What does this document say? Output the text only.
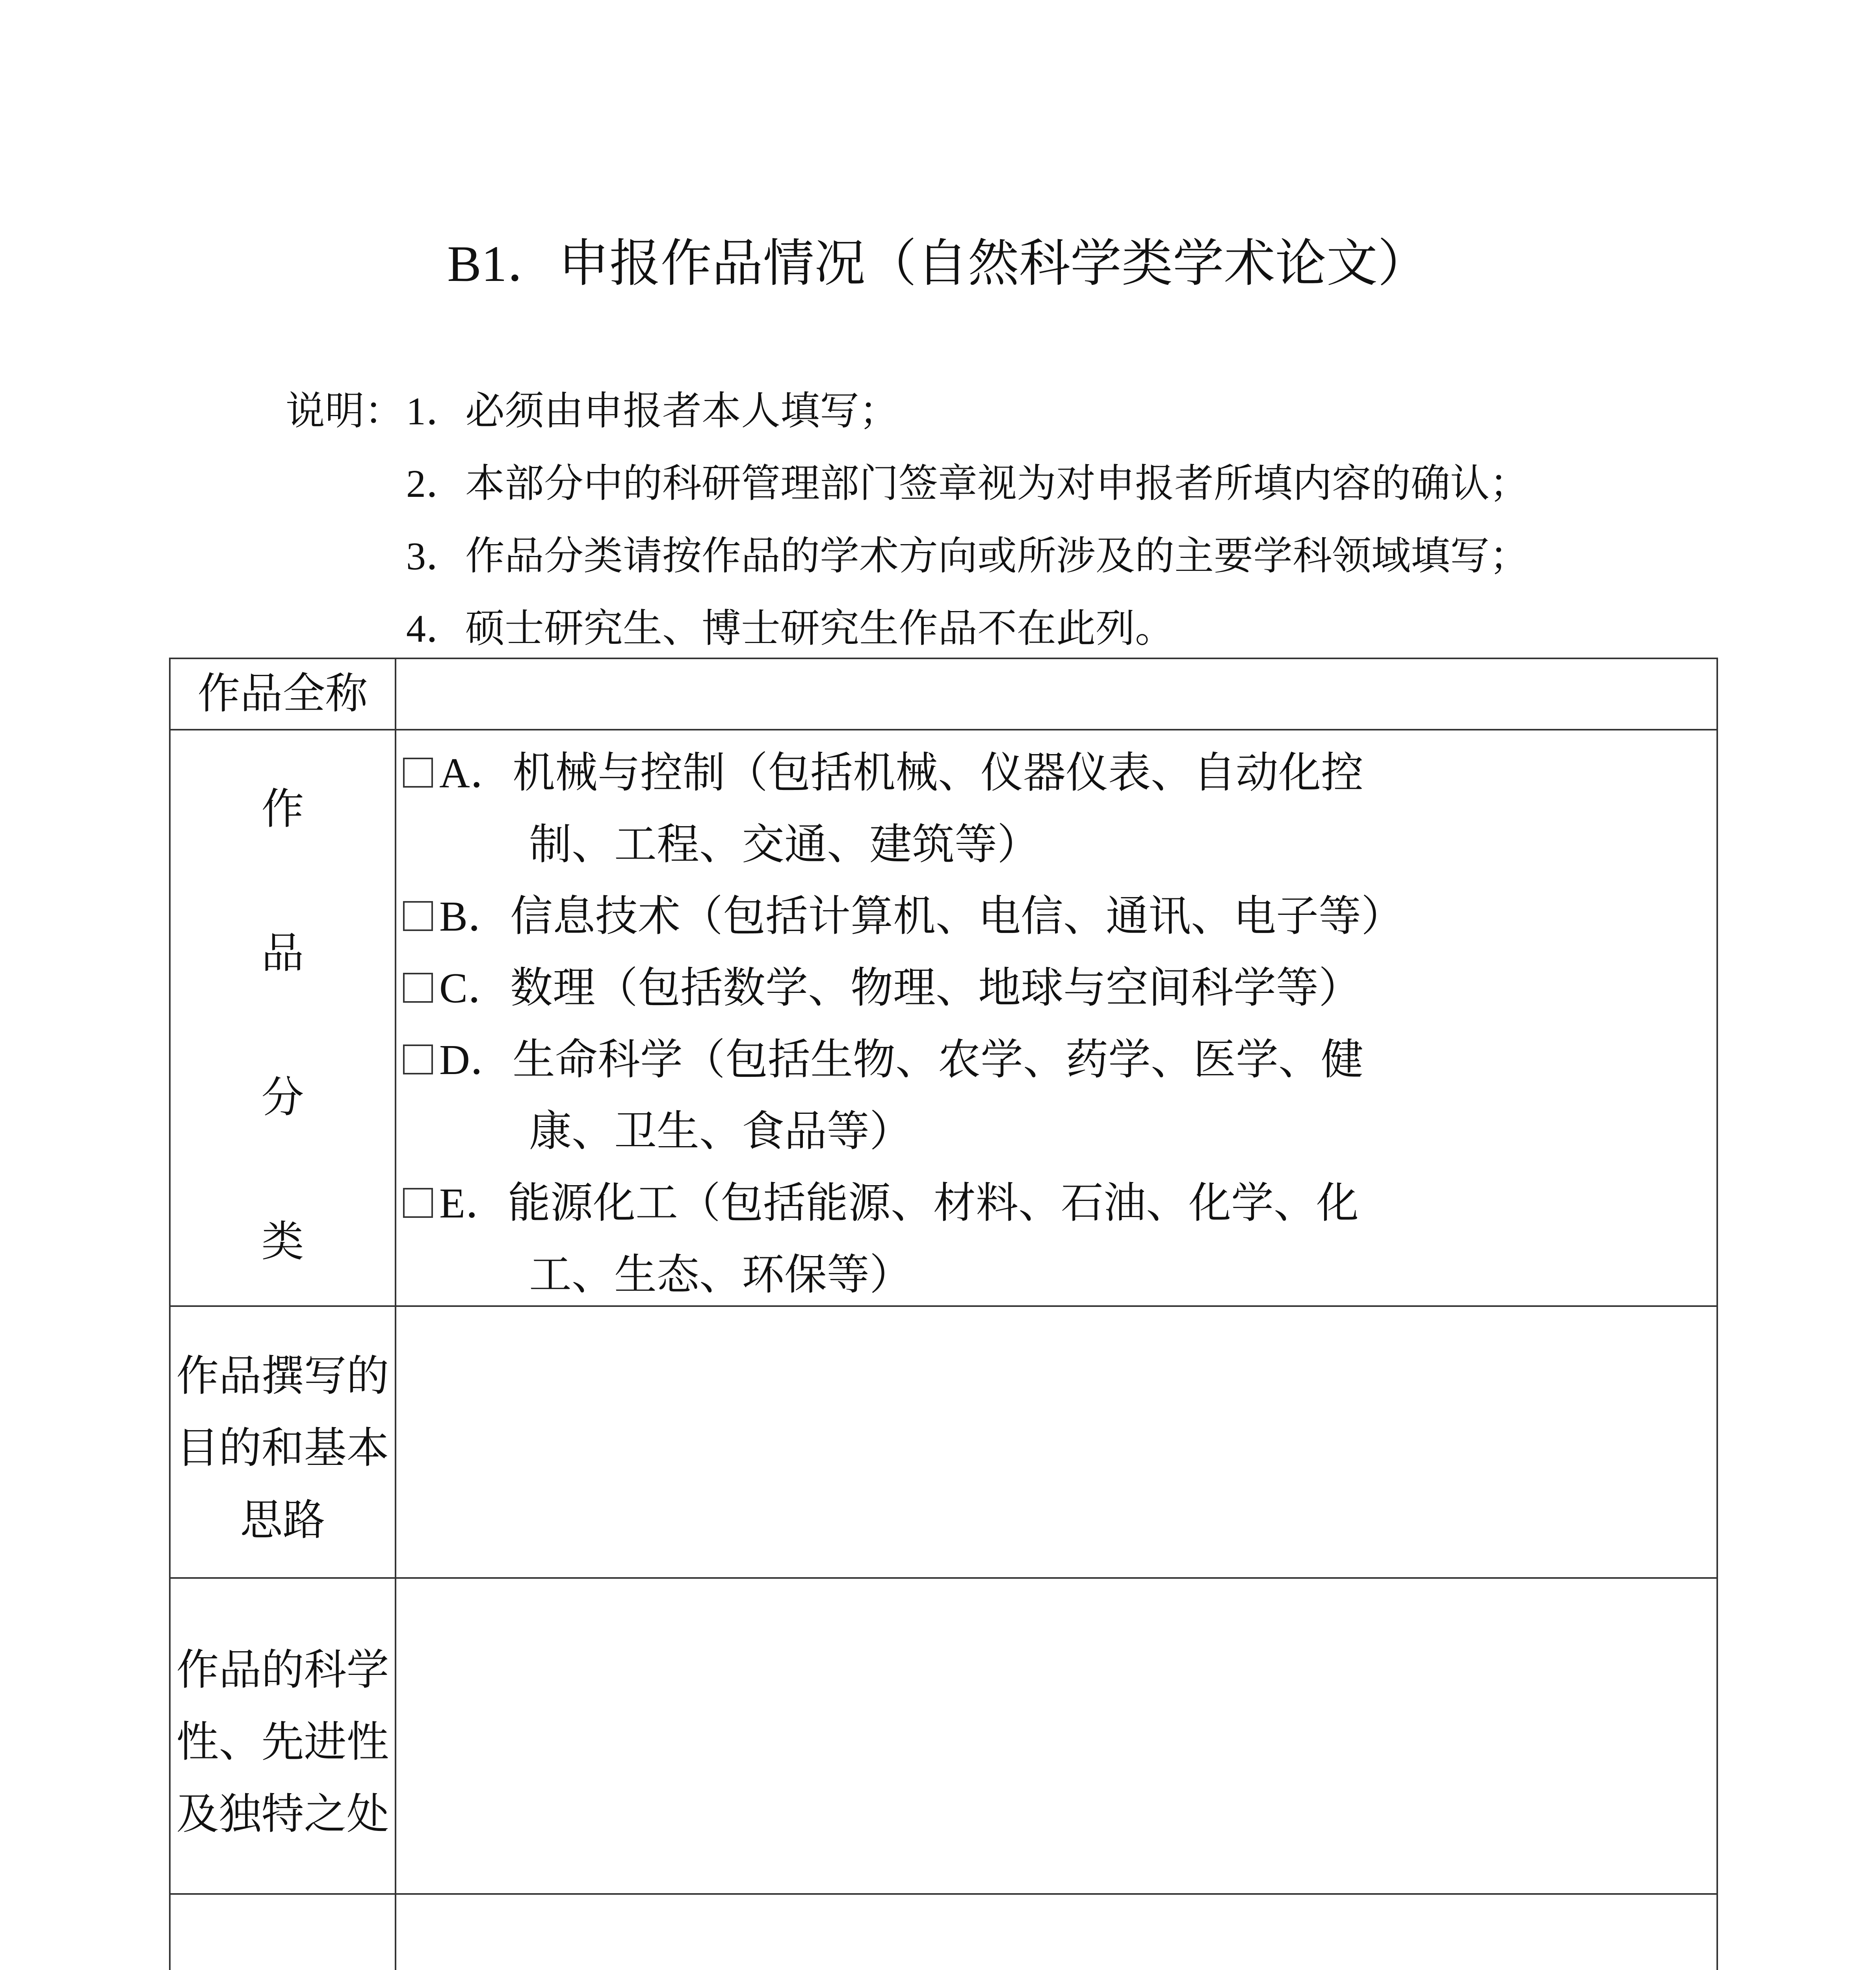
B1．申报作品情况（自然科学类学术论文）
说明： 1．必须由申报者本人填写；
2．本部分中的科研管理部门签章视为对申报者所填内容的确认；
3．作品分类请按作品的学术方向或所涉及的主要学科领域填写；
4．硕士研究生、博士研究生作品不在此列。
作品全称
作品分类
A．机械与控制（包括机械、仪器仪表、自动化控
制、工程、交通、建筑等）
B．信息技术（包括计算机、电信、通讯、电子等）
C．数理（包括数学、物理、地球与空间科学等）
D．生命科学（包括生物、农学、药学、医学、健
康、卫生、食品等）
E．能源化工（包括能源、材料、石油、化学、化
工、生态、环保等）
作品撰写的
目的和基本
思路
作品的科学
性、先进性
及独特之处
